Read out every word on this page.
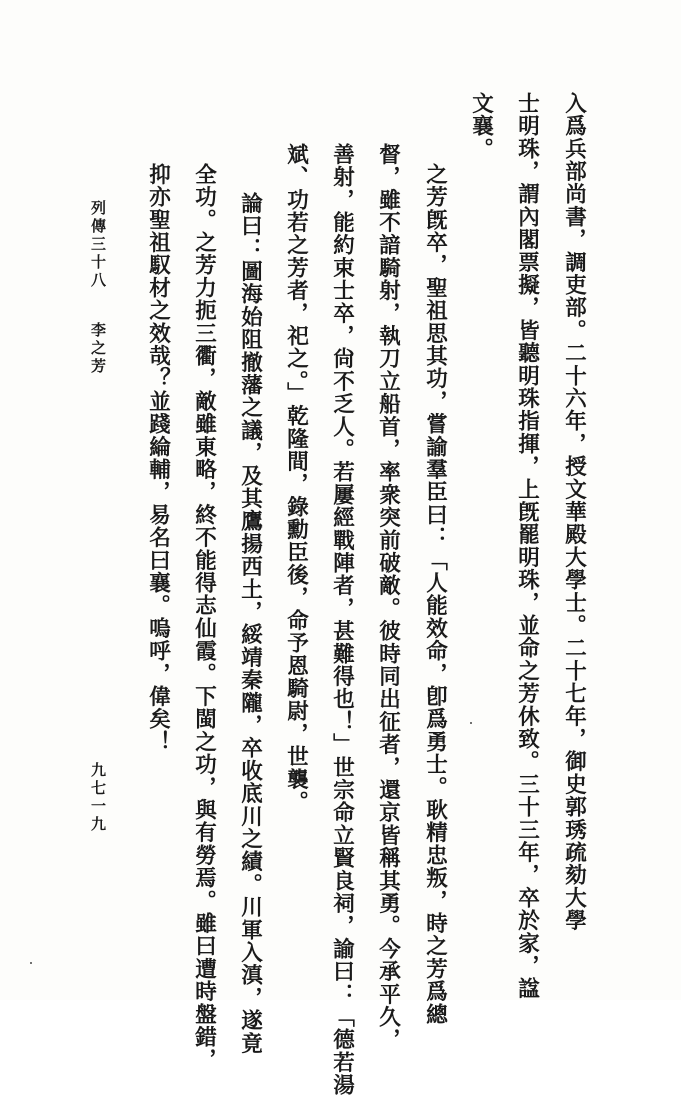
入爲兵部尚書，調吏部。二十六年，授文華殿大學士。二十七年，御史郭琇疏劾大學
士明珠，謂內閣票擬，皆聽明珠指揮，上旣罷明珠，並命之芳休致。三十三年，卒於家，諡
文襄。
之芳旣卒，聖祖思其功，嘗諭羣臣曰：「人能效命，卽爲勇士。耿精忠叛，時之芳爲總
督，雖不諳騎射，執刀立船首，率衆突前破敵。彼時同出征者，還京皆稱其勇。今承平久，
善射，能約束士卒，尙不乏人。若屢經戰陣者，甚難得也！」世宗命立賢良祠，諭曰：「德若湯
斌、功若之芳者，祀之。」乾隆間，錄勳臣後，命予恩騎尉，世襲。
論曰：圖海始阻撤藩之議，及其鷹揚西土，綏靖秦隴，卒收底川之績。川軍入滇，遂竟
全功。之芳力扼三衢，敵雖東略，終不能得志仙霞。下閩之功，與有勞焉。雖曰遭時盤錯，
抑亦聖祖馭材之效哉？並踐綸輔，易名曰襄。嗚呼，偉矣！
列傳三十八
李之芳
九七一九
